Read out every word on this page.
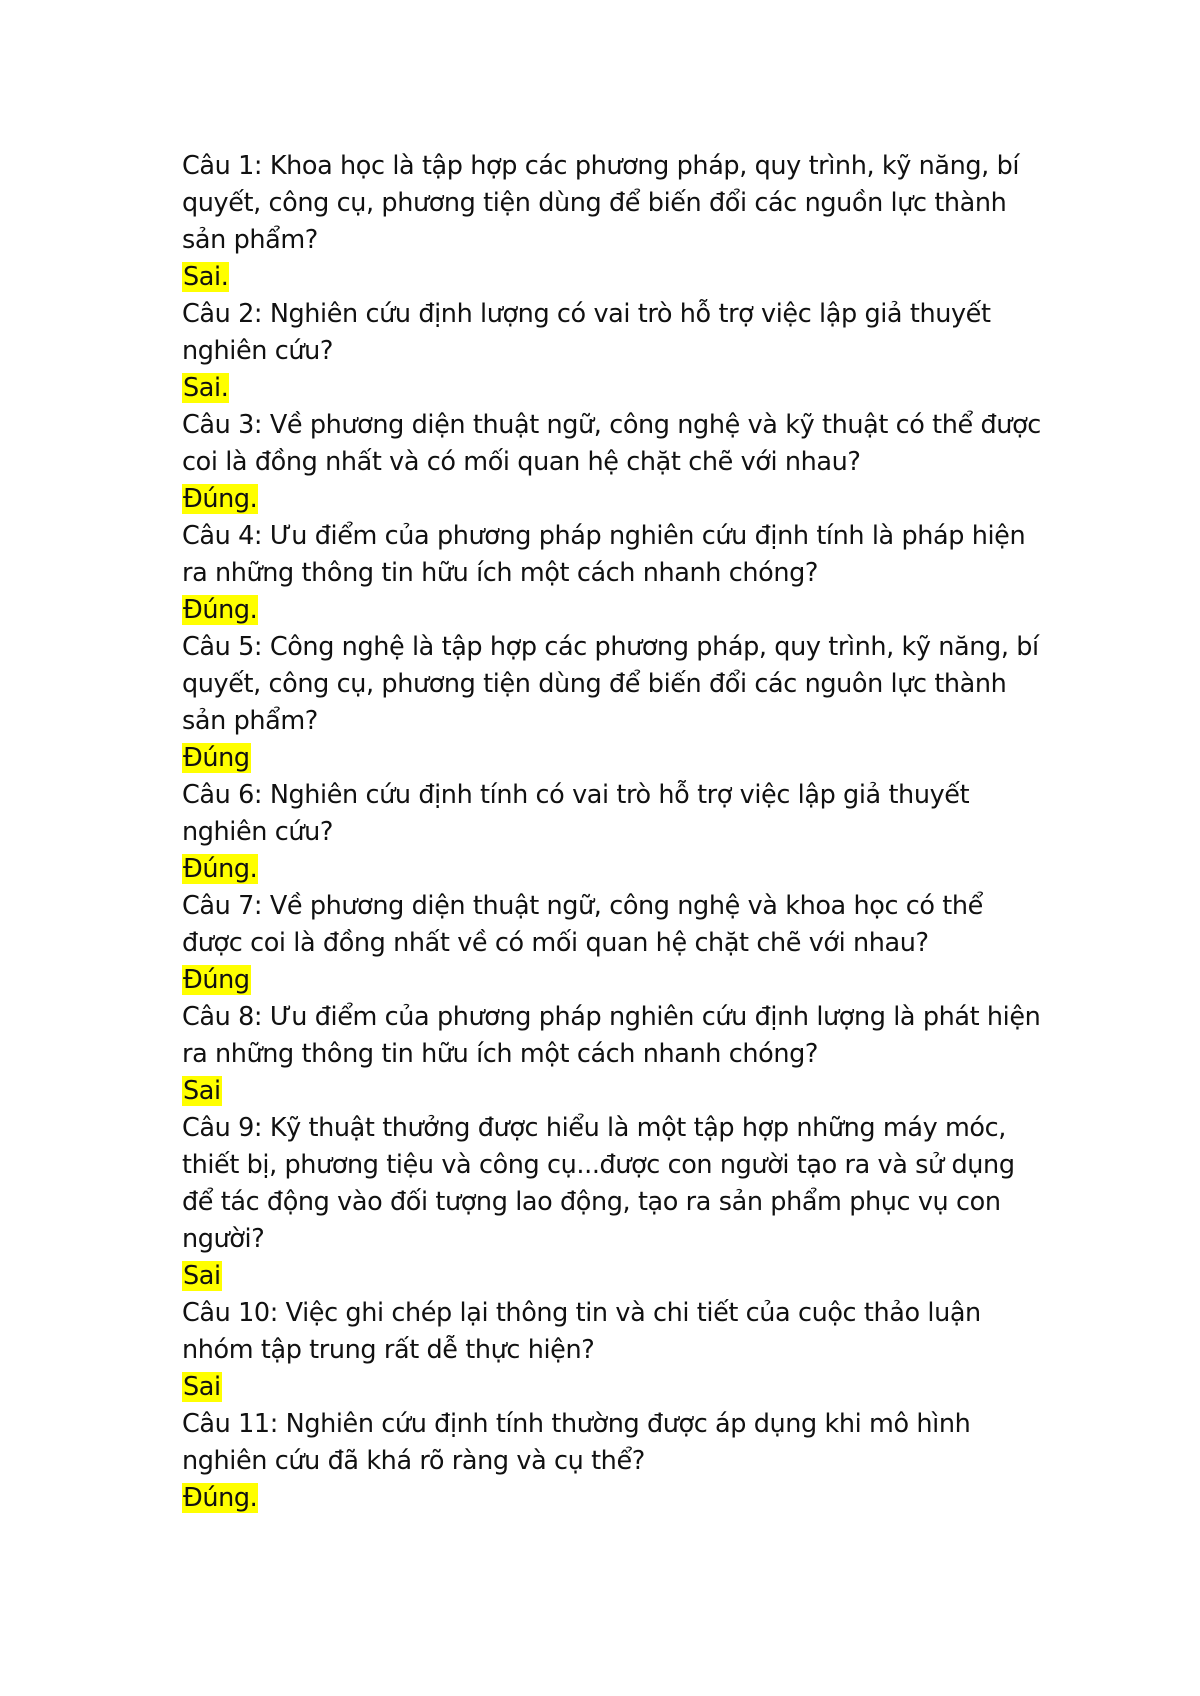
Câu 1: Khoa học là tập hợp các phương pháp, quy trình, kỹ năng, bí quyết, công cụ, phương tiện dùng để biến đổi các nguồn lực thành sản phẩm?

Sai.

Câu 2: Nghiên cứu định lượng có vai trò hỗ trợ việc lập giả thuyết nghiên cứu?

Sai.

Câu 3: Về phương diện thuật ngữ, công nghệ và kỹ thuật có thể được coi là đồng nhất và có mối quan hệ chặt chẽ với nhau?

Đúng.

Câu 4: Ưu điểm của phương pháp nghiên cứu định tính là pháp hiện ra những thông tin hữu ích một cách nhanh chóng?

Đúng.

Câu 5: Công nghệ là tập hợp các phương pháp, quy trình, kỹ năng, bí quyết, công cụ, phương tiện dùng để biến đổi các nguôn lực thành sản phẩm?

Đúng

Câu 6: Nghiên cứu định tính có vai trò hỗ trợ việc lập giả thuyết nghiên cứu?

Đúng.

Câu 7: Về phương diện thuật ngữ, công nghệ và khoa học có thể được coi là đồng nhất về có mối quan hệ chặt chẽ với nhau?

Đúng

Câu 8: Ưu điểm của phương pháp nghiên cứu định lượng là phát hiện ra những thông tin hữu ích một cách nhanh chóng?

Sai

Câu 9: Kỹ thuật thưởng được hiểu là một tập hợp những máy móc, thiết bị, phương tiệu và công cụ...được con người tạo ra và sử dụng để tác động vào đối tượng lao động, tạo ra sản phẩm phục vụ con người?

Sai

Câu 10: Việc ghi chép lại thông tin và chi tiết của cuộc thảo luận nhóm tập trung rất dễ thực hiện?

Sai

Câu 11: Nghiên cứu định tính thường được áp dụng khi mô hình nghiên cứu đã khá rõ ràng và cụ thể?

Đúng.
